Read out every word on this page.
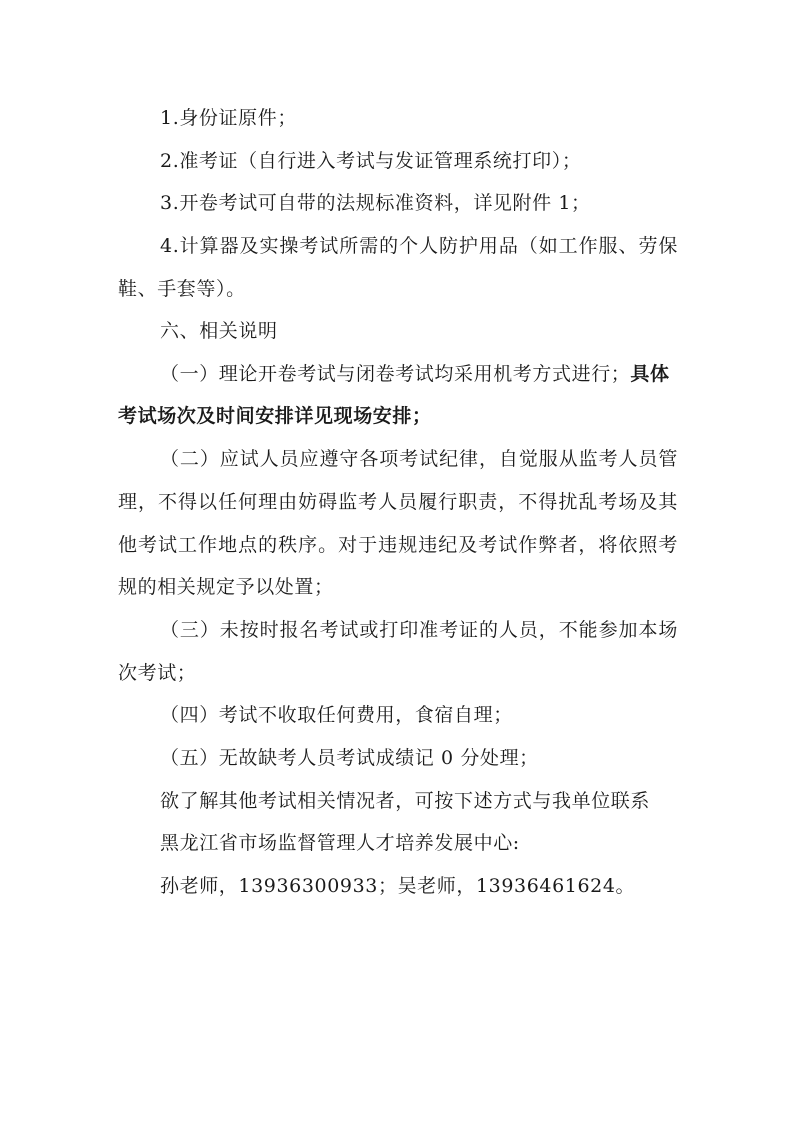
1.身份证原件；
2.准考证（自行进入考试与发证管理系统打印）；
3.开卷考试可自带的法规标准资料，详见附件 1；
4.计算器及实操考试所需的个人防护用品（如工作服、劳保
鞋、手套等）。
六、相关说明
（一）理论开卷考试与闭卷考试均采用机考方式进行；具体
考试场次及时间安排详见现场安排；
（二）应试人员应遵守各项考试纪律，自觉服从监考人员管
理，不得以任何理由妨碍监考人员履行职责，不得扰乱考场及其
他考试工作地点的秩序。对于违规违纪及考试作弊者，将依照考
规的相关规定予以处置；
（三）未按时报名考试或打印准考证的人员，不能参加本场
次考试；
（四）考试不收取任何费用，食宿自理；
（五）无故缺考人员考试成绩记 0 分处理；
欲了解其他考试相关情况者，可按下述方式与我单位联系
黑龙江省市场监督管理人才培养发展中心:
孙老师，13936300933；吴老师，13936461624。
